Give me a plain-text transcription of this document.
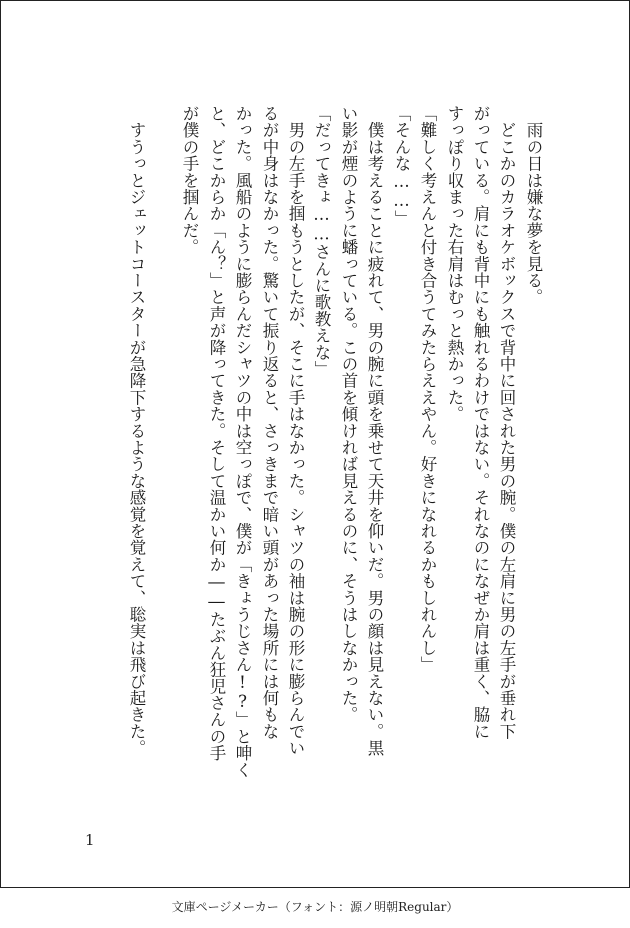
　雨の日は嫌な夢を見る。
　どこかのカラオケボックスで背中に回された男の腕。僕の左肩に男の左手が垂れ下
がっている。肩にも背中にも触れるわけではない。それなのになぜか肩は重く、脇に
すっぽり収まった右肩はむっと熱かった。
「難しく考えんと付き合うてみたらええやん。好きになれるかもしれんし」
「そんな……」
　僕は考えることに疲れて、男の腕に頭を乗せて天井を仰いだ。男の顔は見えない。黒
い影が煙のように蟠っている。この首を傾ければ見えるのに、そうはしなかった。
「だってきょ……さんに歌教えな」
　男の左手を掴もうとしたが、そこに手はなかった。シャツの袖は腕の形に膨らんでい
るが中身はなかった。驚いて振り返ると、さっきまで暗い頭があった場所には何もな
かった。風船のように膨らんだシャツの中は空っぽで、僕が「きょうじさん!?」と呻く
と、どこからか「ん？」と声が降ってきた。そして温かい何か――たぶん狂児さんの手
が僕の手を掴んだ。
　すうっとジェットコースターが急降下するような感覚を覚えて、聡実は飛び起きた。
1
文庫ページメーカー（フォント：源ノ明朝Regular）
